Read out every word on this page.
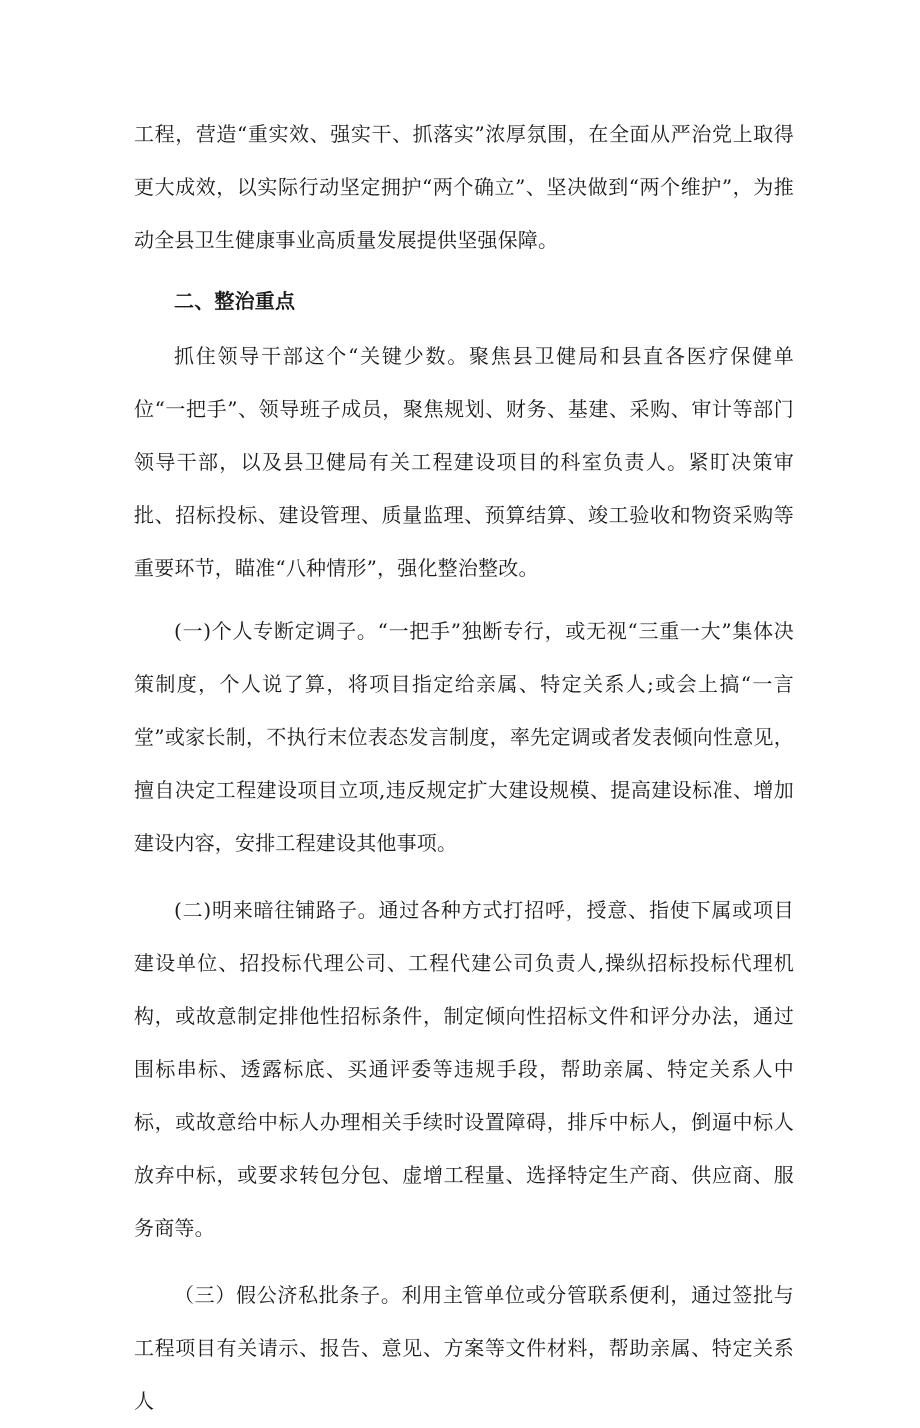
工程，营造“重实效、强实干、抓落实”浓厚氛围，在全面从严治党上取得更大成效，以实际行动坚定拥护“两个确立”、坚决做到“两个维护”，为推动全县卫生健康事业高质量发展提供坚强保障。

二、整治重点

抓住领导干部这个“关键少数。聚焦县卫健局和县直各医疗保健单位“一把手”、领导班子成员，聚焦规划、财务、基建、采购、审计等部门领导干部，以及县卫健局有关工程建设项目的科室负责人。紧盯决策审批、招标投标、建设管理、质量监理、预算结算、竣工验收和物资采购等重要环节，瞄准“八种情形”，强化整治整改。

(一)个人专断定调子。“一把手”独断专行，或无视“三重一大”集体决策制度，个人说了算，将项目指定给亲属、特定关系人;或会上搞“一言堂”或家长制，不执行末位表态发言制度，率先定调或者发表倾向性意见，擅自决定工程建设项目立项,违反规定扩大建设规模、提高建设标准、增加建设内容，安排工程建设其他事项。

(二)明来暗往铺路子。通过各种方式打招呼，授意、指使下属或项目建设单位、招投标代理公司、工程代建公司负责人,操纵招标投标代理机构，或故意制定排他性招标条件，制定倾向性招标文件和评分办法，通过围标串标、透露标底、买通评委等违规手段，帮助亲属、特定关系人中标，或故意给中标人办理相关手续时设置障碍，排斥中标人，倒逼中标人放弃中标，或要求转包分包、虚增工程量、选择特定生产商、供应商、服务商等。

（三）假公济私批条子。利用主管单位或分管联系便利，通过签批与工程项目有关请示、报告、意见、方案等文件材料，帮助亲属、特定关系人
